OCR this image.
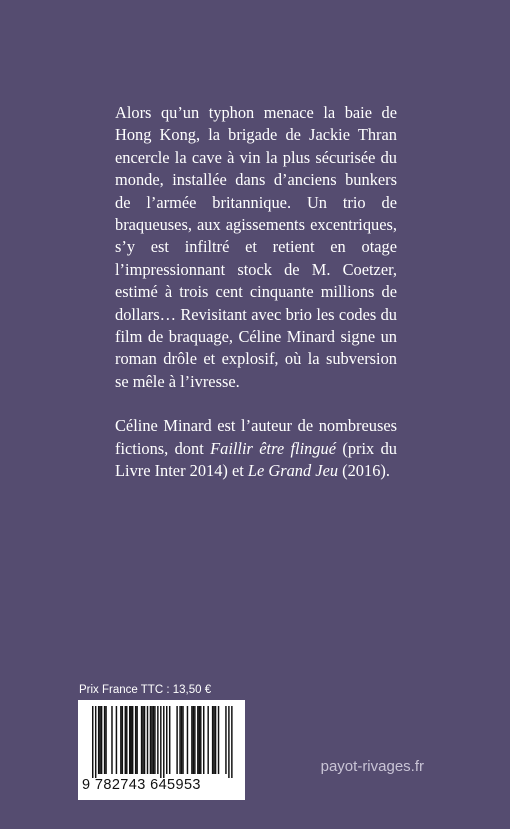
Alors qu’un typhon menace la baie de Hong Kong, la brigade de Jackie Thran encercle la cave à vin la plus sécurisée du monde, installée dans d’anciens bunkers de l’armée britannique. Un trio de braqueuses, aux agissements excentriques, s’y est infiltré et retient en otage l’impressionnant stock de M. Coetzer, estimé à trois cent cinquante millions de dollars… Revisitant avec brio les codes du film de braquage, Céline Minard signe un roman drôle et explosif, où la subversion se mêle à l’ivresse.

Céline Minard est l’auteur de nombreuses fictions, dont Faillir être flingué (prix du Livre Inter 2014) et Le Grand Jeu (2016).

Prix France TTC : 13,50 €
9 782743 645953
payot-rivages.fr
